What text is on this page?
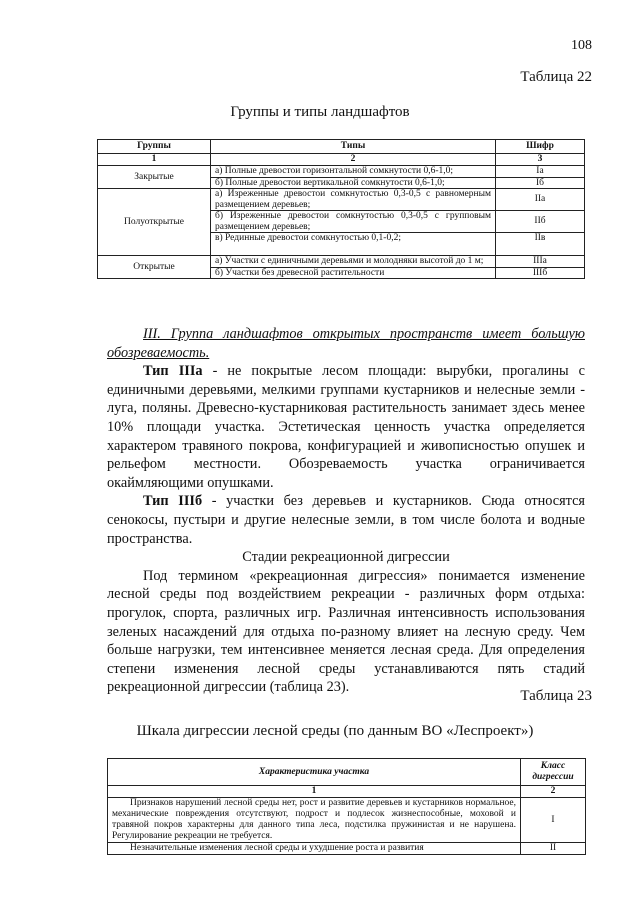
108
Таблица 22
Группы и типы ландшафтов
Группы	Типы	Шифр
1	2	3
Закрытые	а) Полные древостои горизонтальной сомкнутости 0,6-1,0;	Iа
	б) Полные древостои вертикальной сомкнутости 0,6-1,0;	Iб
Полуоткрытые	а) Изреженные древостои сомкнутостью 0,3-0,5 с равномерным размещением деревьев;	IIа
	б) Изреженные древостои сомкнутостью 0,3-0,5 с групповым размещением деревьев;	IIб
	в) Рединные древостои сомкнутостью 0,1-0,2;	IIв
Открытые	а) Участки с единичными деревьями и молодняки высотой до 1 м;	IIIа
	б) Участки без древесной растительности	IIIб

III. Группа ландшафтов открытых пространств имеет большую обозреваемость.

Тип IIIа - не покрытые лесом площади: вырубки, прогалины с единичными деревьями, мелкими группами кустарников и нелесные земли - луга, поляны. Древесно-кустарниковая растительность занимает здесь менее 10% площади участка. Эстетическая ценность участка определяется характером травяного покрова, конфигурацией и живописностью опушек и рельефом местности. Обозреваемость участка ограничивается окаймляющими опушками.

Тип IIIб - участки без деревьев и кустарников. Сюда относятся сенокосы, пустыри и другие нелесные земли, в том числе болота и водные пространства.

Стадии рекреационной дигрессии

Под термином «рекреационная дигрессия» понимается изменение лесной среды под воздействием рекреации - различных форм отдыха: прогулок, спорта, различных игр. Различная интенсивность использования зеленых насаждений для отдыха по-разному влияет на лесную среду. Чем больше нагрузки, тем интенсивнее меняется лесная среда. Для определения степени изменения лесной среды устанавливаются пять стадий рекреационной дигрессии (таблица 23).

Таблица 23
Шкала дигрессии лесной среды (по данным ВО «Леспроект»)
Характеристика участка	Класс дигрессии
1	2
Признаков нарушений лесной среды нет, рост и развитие деревьев и кустарников нормальное, механические повреждения отсутствуют, подрост и подлесок жизнеспособные, моховой и травяной покров характерны для данного типа леса, подстилка пружинистая и не нарушена. Регулирование рекреации не требуется.	I
Незначительные изменения лесной среды и ухудшение роста и развития	II
